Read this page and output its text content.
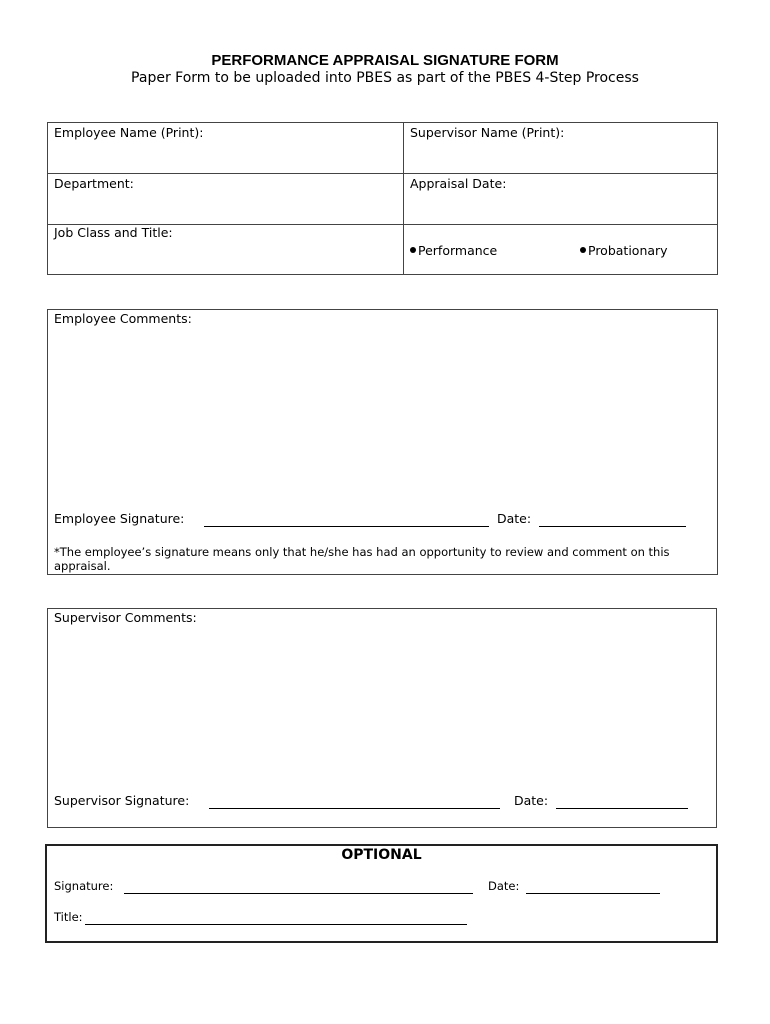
PERFORMANCE APPRAISAL SIGNATURE FORM
Paper Form to be uploaded into PBES as part of the PBES 4-Step Process
Employee Name (Print):	Supervisor Name (Print):
Department:	Appraisal Date:
Job Class and Title:
Performance	Probationary
Employee Comments:
Employee Signature:	Date:
*The employee’s signature means only that he/she has had an opportunity to review and comment on this appraisal.
Supervisor Comments:
Supervisor Signature:	Date:
OPTIONAL
Signature:	Date:
Title:
